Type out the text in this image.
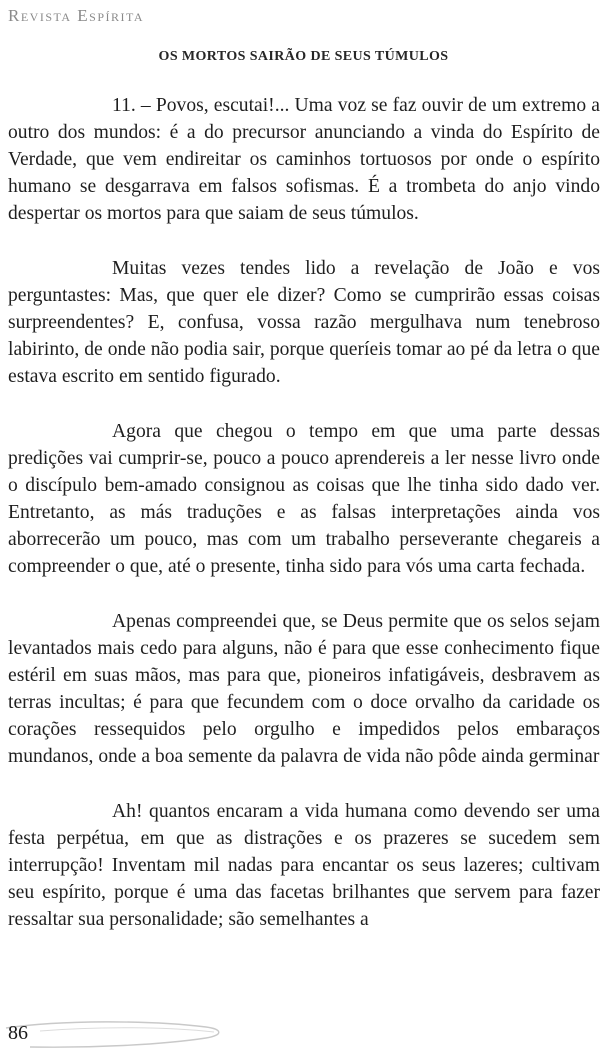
Revista Espírita
OS MORTOS SAIRÃO DE SEUS TÚMULOS

11. – Povos, escutai!... Uma voz se faz ouvir de um extremo a outro dos mundos: é a do precursor anunciando a vinda do Espírito de Verdade, que vem endireitar os caminhos tortuosos por onde o espírito humano se desgarrava em falsos sofismas. É a trombeta do anjo vindo despertar os mortos para que saiam de seus túmulos.

Muitas vezes tendes lido a revelação de João e vos perguntastes: Mas, que quer ele dizer? Como se cumprirão essas coisas surpreendentes? E, confusa, vossa razão mergulhava num tenebroso labirinto, de onde não podia sair, porque queríeis tomar ao pé da letra o que estava escrito em sentido figurado.

Agora que chegou o tempo em que uma parte dessas predições vai cumprir-se, pouco a pouco aprendereis a ler nesse livro onde o discípulo bem-amado consignou as coisas que lhe tinha sido dado ver. Entretanto, as más traduções e as falsas interpretações ainda vos aborrecerão um pouco, mas com um trabalho perseverante chegareis a compreender o que, até o presente, tinha sido para vós uma carta fechada.

Apenas compreendei que, se Deus permite que os selos sejam levantados mais cedo para alguns, não é para que esse conhecimento fique estéril em suas mãos, mas para que, pioneiros infatigáveis, desbravem as terras incultas; é para que fecundem com o doce orvalho da caridade os corações ressequidos pelo orgulho e impedidos pelos embaraços mundanos, onde a boa semente da palavra de vida não pôde ainda germinar

Ah! quantos encaram a vida humana como devendo ser uma festa perpétua, em que as distrações e os prazeres se sucedem sem interrupção! Inventam mil nadas para encantar os seus lazeres; cultivam seu espírito, porque é uma das facetas brilhantes que servem para fazer ressaltar sua personalidade; são semelhantes a

86
